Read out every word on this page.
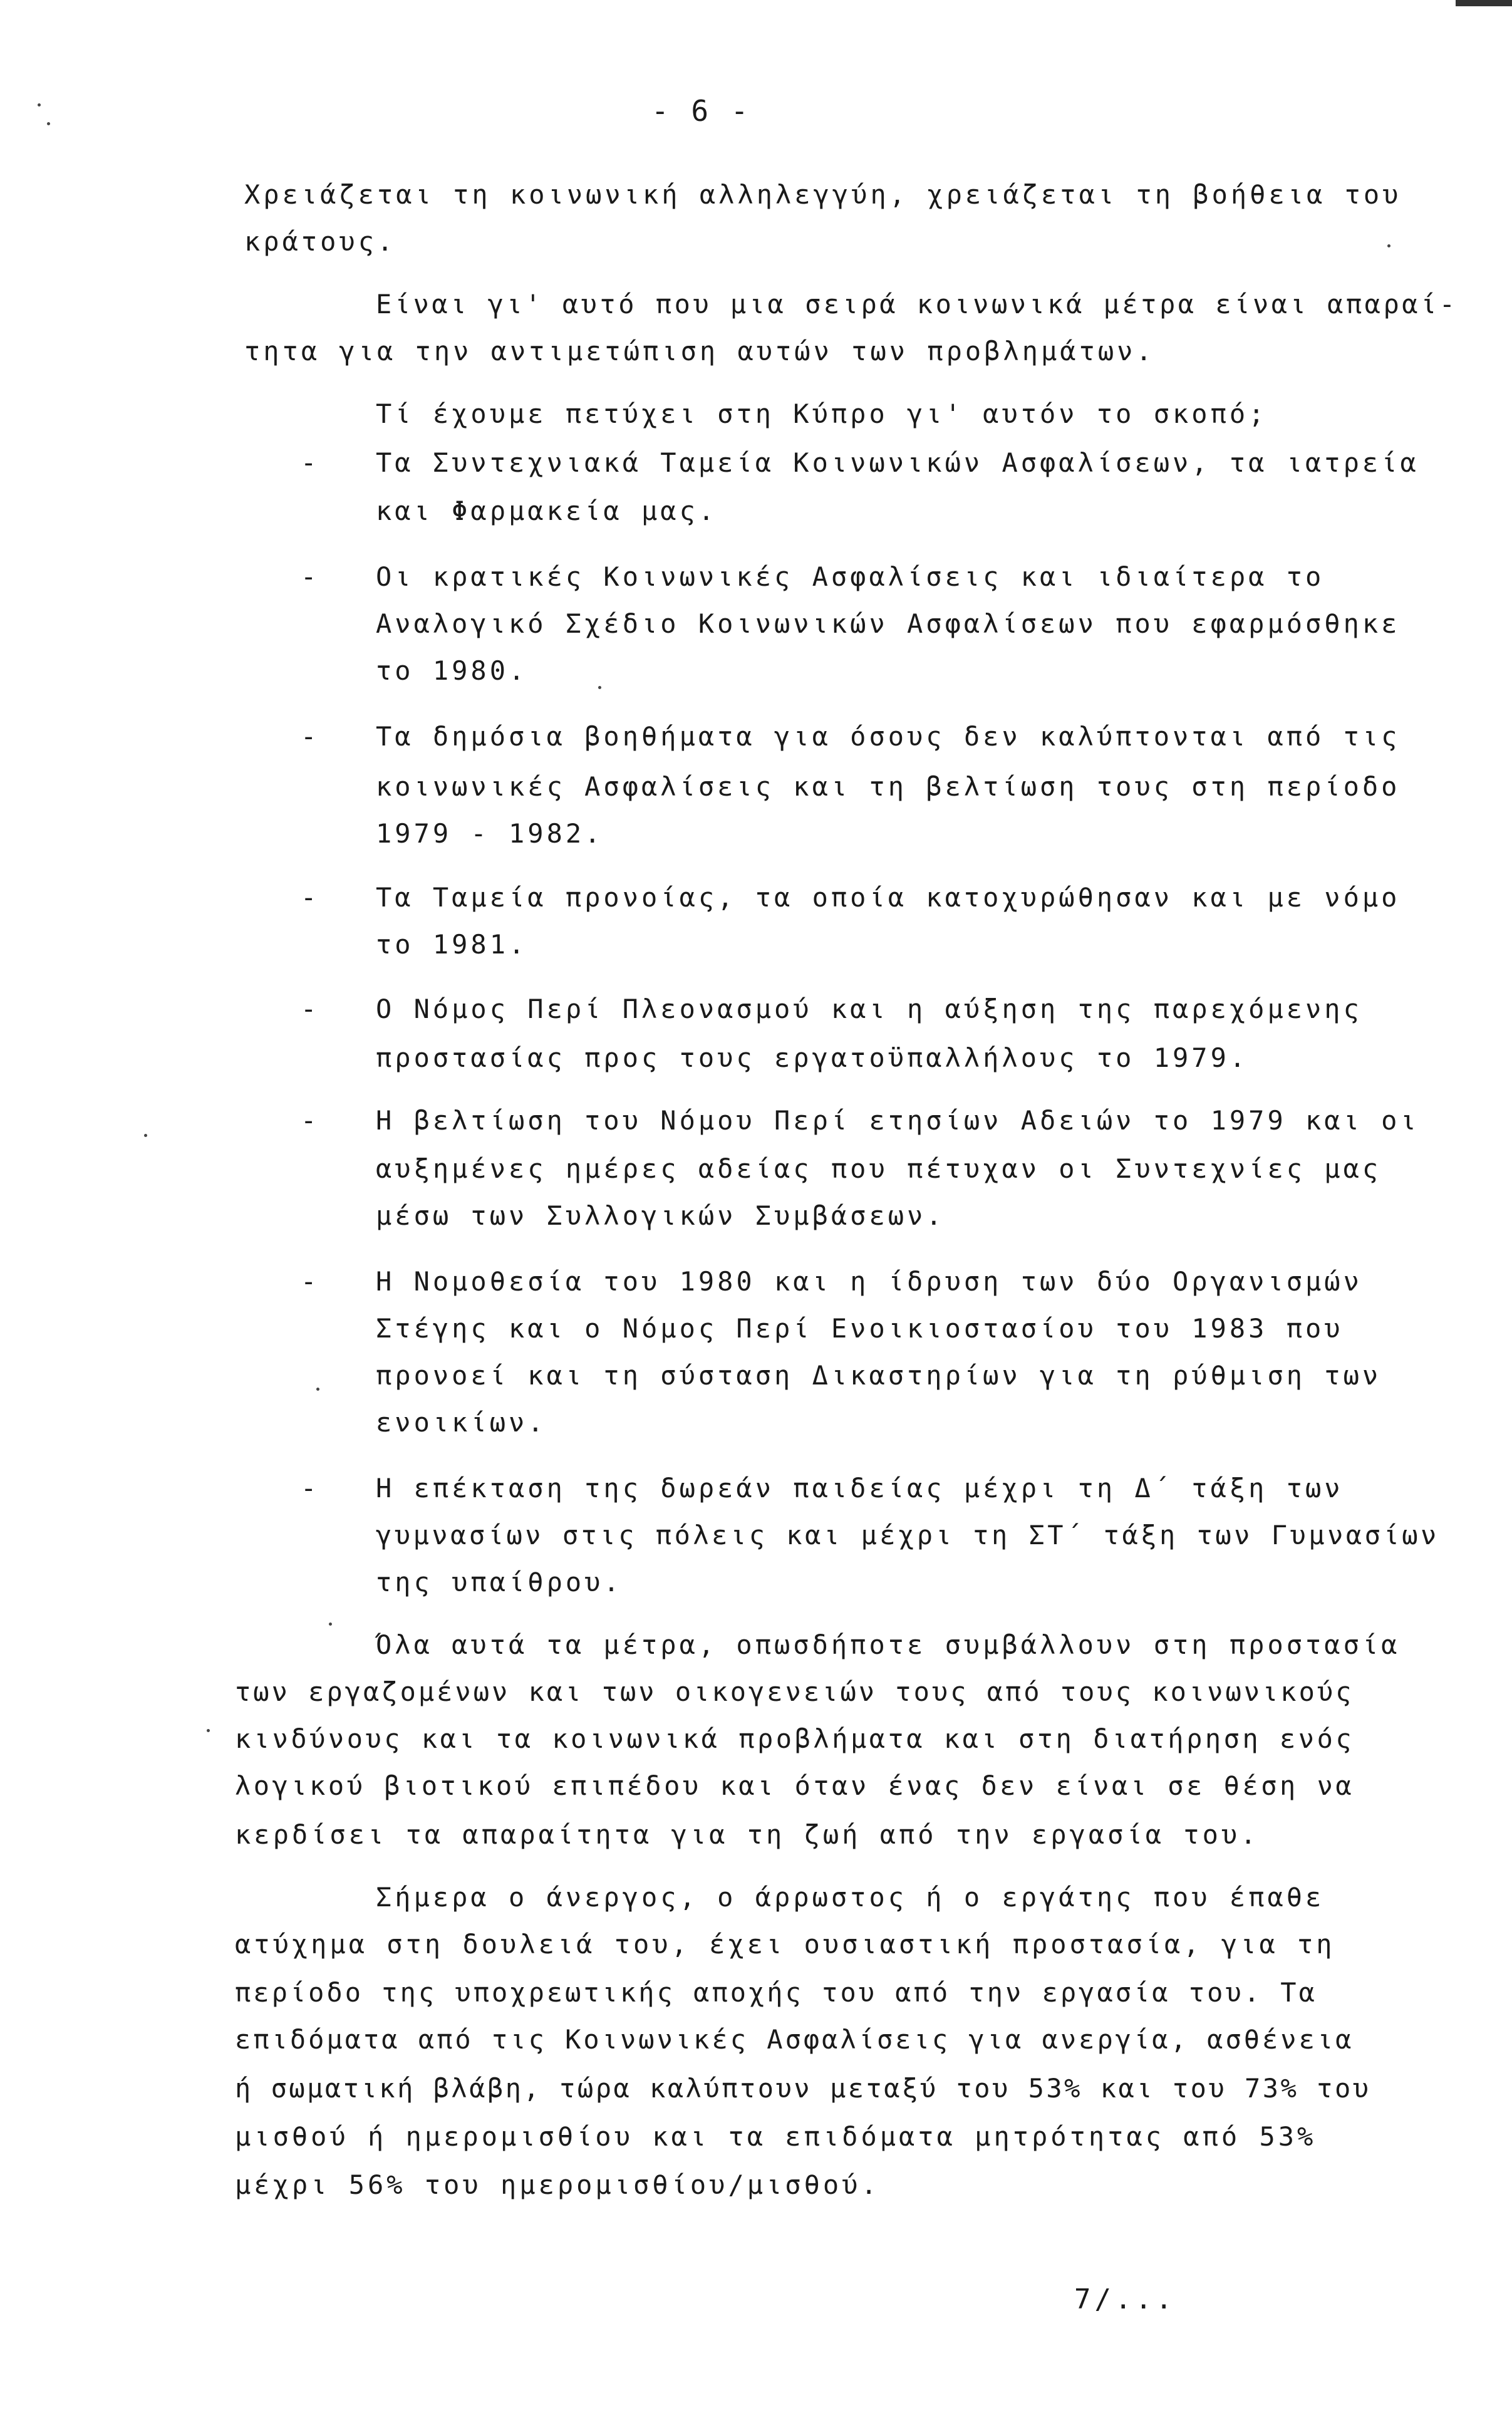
- 6 -
Χρειάζεται τη κοινωνική αλληλεγγύη, χρειάζεται τη βοήθεια του
κράτους.
Είναι γι' αυτό που μια σειρά κοινωνικά μέτρα είναι απαραί-
τητα για την αντιμετώπιση αυτών των προβλημάτων.
Τί έχουμε πετύχει στη Κύπρο γι' αυτόν το σκοπό;
- Τα Συντεχνιακά Ταμεία Κοινωνικών Ασφαλίσεων, τα ιατρεία
και Φαρμακεία μας.
- Οι κρατικές Κοινωνικές Ασφαλίσεις και ιδιαίτερα το
Αναλογικό Σχέδιο Κοινωνικών Ασφαλίσεων που εφαρμόσθηκε
το 1980.
- Τα δημόσια βοηθήματα για όσους δεν καλύπτονται από τις
κοινωνικές Ασφαλίσεις και τη βελτίωση τους στη περίοδο
1979 - 1982.
- Τα Ταμεία προνοίας, τα οποία κατοχυρώθησαν και με νόμο
το 1981.
- Ο Νόμος Περί Πλεονασμού και η αύξηση της παρεχόμενης
προστασίας προς τους εργατοϋπαλλήλους το 1979.
- Η βελτίωση του Νόμου Περί ετησίων Αδειών το 1979 και οι
αυξημένες ημέρες αδείας που πέτυχαν οι Συντεχνίες μας
μέσω των Συλλογικών Συμβάσεων.
- Η Νομοθεσία του 1980 και η ίδρυση των δύο Οργανισμών
Στέγης και ο Νόμος Περί Ενοικιοστασίου του 1983 που
προνοεί και τη σύσταση Δικαστηρίων για τη ρύθμιση των
ενοικίων.
- Η επέκταση της δωρεάν παιδείας μέχρι τη Δ΄ τάξη των
γυμνασίων στις πόλεις και μέχρι τη ΣΤ΄ τάξη των Γυμνασίων
της υπαίθρου.
Όλα αυτά τα μέτρα, οπωσδήποτε συμβάλλουν στη προστασία
των εργαζομένων και των οικογενειών τους από τους κοινωνικούς
κινδύνους και τα κοινωνικά προβλήματα και στη διατήρηση ενός
λογικού βιοτικού επιπέδου και όταν ένας δεν είναι σε θέση να
κερδίσει τα απαραίτητα για τη ζωή από την εργασία του.
Σήμερα ο άνεργος, ο άρρωστος ή ο εργάτης που έπαθε
ατύχημα στη δουλειά του, έχει ουσιαστική προστασία, για τη
περίοδο της υποχρεωτικής αποχής του από την εργασία του. Τα
επιδόματα από τις Κοινωνικές Ασφαλίσεις για ανεργία, ασθένεια
ή σωματική βλάβη, τώρα καλύπτουν μεταξύ του 53% και του 73% του
μισθού ή ημερομισθίου και τα επιδόματα μητρότητας από 53%
μέχρι 56% του ημερομισθίου/μισθού.
7/...
